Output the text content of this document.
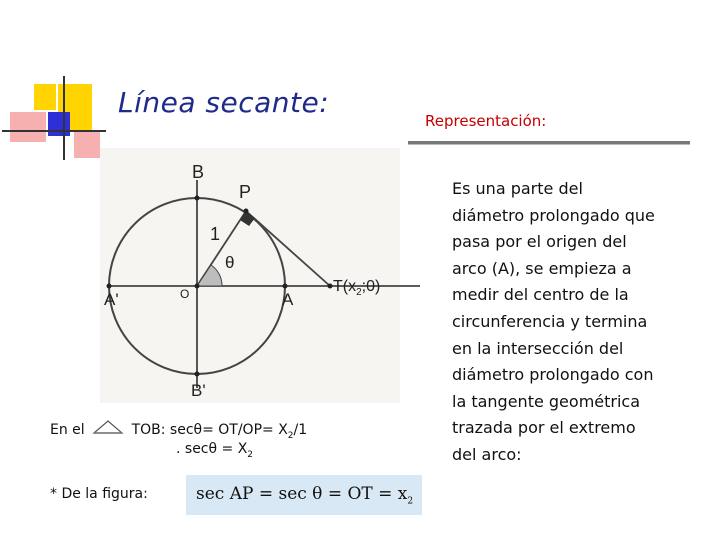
Línea secante:
Representación:
B
P
1
θ
A'	O	A
$T(x_2;0)$
B'
Es una parte del
diámetro prolongado que
pasa por el origen del
arco (A), se empieza a
medir del centro de la
circunferencia y termina
en la intersección del
diámetro prolongado con
la tangente geométrica
trazada por el extremo
del arco:
En el	TOB: $\sec\theta= OT/OP= X_2/1$
. $\sec\theta = X_2$
* De la figura:	sec AP = sec θ = OT = $x_2$
